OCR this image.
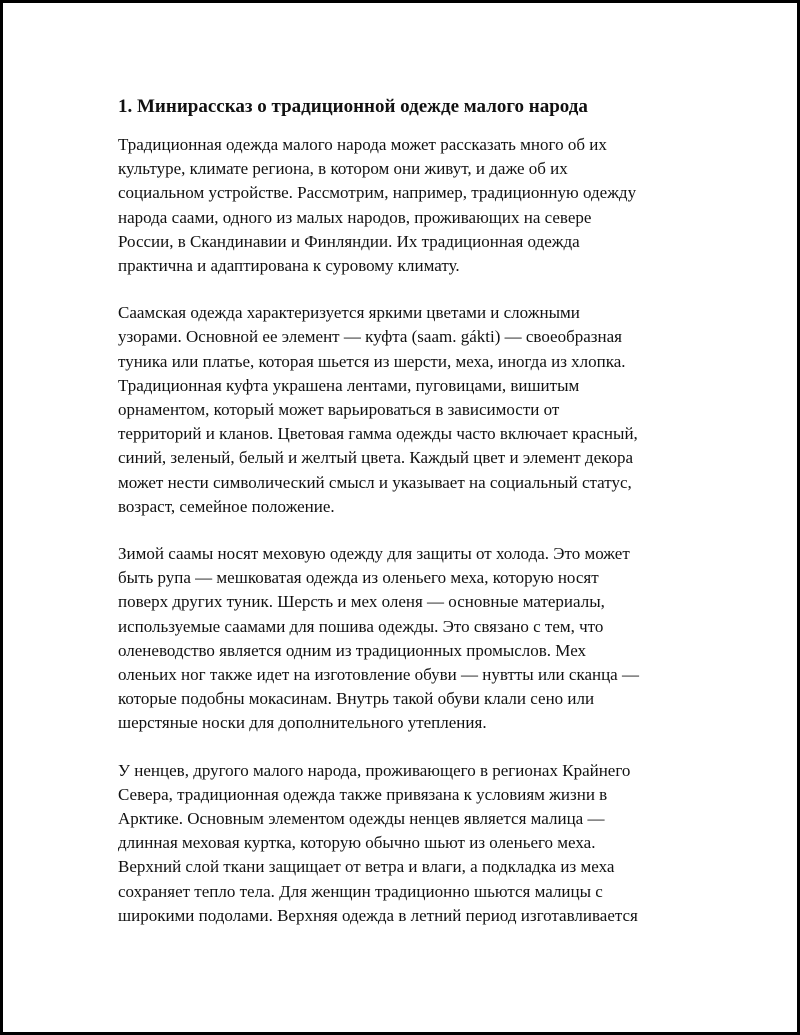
1. Минирассказ о традиционной одежде малого народа

Традиционная одежда малого народа может рассказать много об их
культуре, климате региона, в котором они живут, и даже об их
социальном устройстве. Рассмотрим, например, традиционную одежду
народа саами, одного из малых народов, проживающих на севере
России, в Скандинавии и Финляндии. Их традиционная одежда
практична и адаптирована к суровому климату.

Саамская одежда характеризуется яркими цветами и сложными
узорами. Основной ее элемент — куфта (saam. gákti) — своеобразная
туника или платье, которая шьется из шерсти, меха, иногда из хлопка.
Традиционная куфта украшена лентами, пуговицами, вишитым
орнаментом, который может варьироваться в зависимости от
территорий и кланов. Цветовая гамма одежды часто включает красный,
синий, зеленый, белый и желтый цвета. Каждый цвет и элемент декора
может нести символический смысл и указывает на социальный статус,
возраст, семейное положение.

Зимой саамы носят меховую одежду для защиты от холода. Это может
быть рупа — мешковатая одежда из оленьего меха, которую носят
поверх других туник. Шерсть и мех оленя — основные материалы,
используемые саамами для пошива одежды. Это связано с тем, что
оленеводство является одним из традиционных промыслов. Мех
оленьих ног также идет на изготовление обуви — нувтты или сканца —
которые подобны мокасинам. Внутрь такой обуви клали сено или
шерстяные носки для дополнительного утепления.

У ненцев, другого малого народа, проживающего в регионах Крайнего
Севера, традиционная одежда также привязана к условиям жизни в
Арктике. Основным элементом одежды ненцев является малица —
длинная меховая куртка, которую обычно шьют из оленьего меха.
Верхний слой ткани защищает от ветра и влаги, а подкладка из меха
сохраняет тепло тела. Для женщин традиционно шьются малицы с
широкими подолами. Верхняя одежда в летний период изготавливается
